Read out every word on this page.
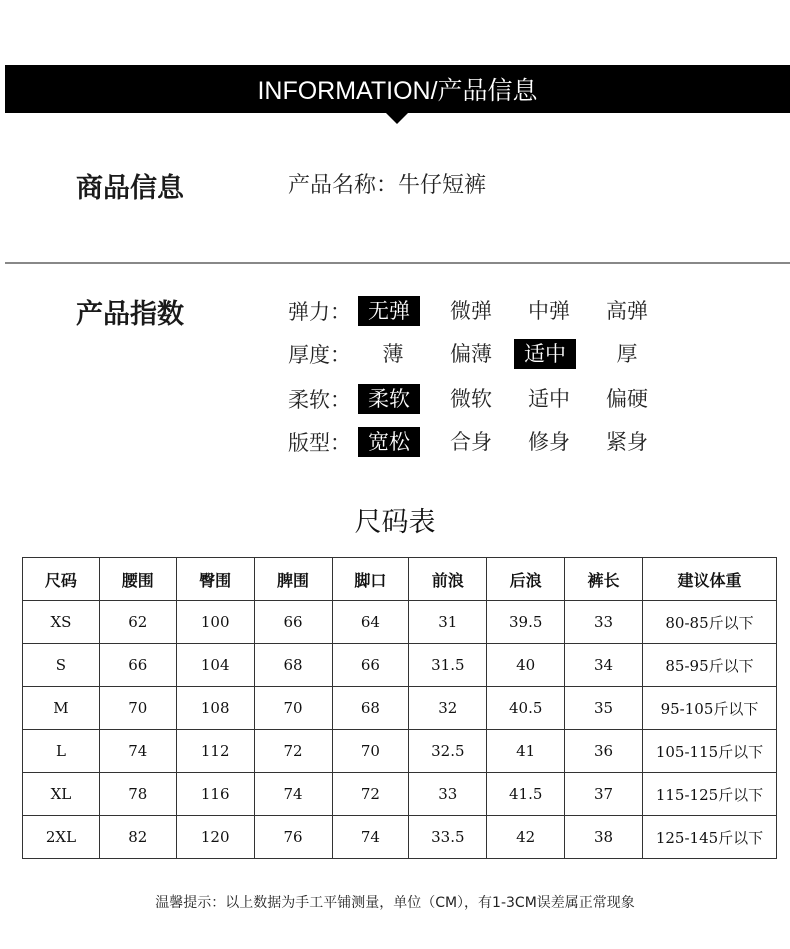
INFORMATION/产品信息
商品信息	产品名称：牛仔短裤
产品指数	弹力： 无弹	微弹	中弹	高弹
厚度：	薄	偏薄	适中	厚
柔软： 柔软	微软	适中	偏硬
版型： 宽松	合身	修身	紧身
尺码表
尺码	腰围	臀围	脾围	脚口	前浪	后浪	裤长	建议体重
XS	62	100	66	64	31	39.5	33	80-85斤以下
S	66	104	68	66	31.5	40	34	85-95斤以下
M	70	108	70	68	32	40.5	35	95-105斤以下
L	74	112	72	70	32.5	41	36	105-115斤以下
XL	78	116	74	72	33	41.5	37	115-125斤以下
2XL	82	120	76	74	33.5	42	38	125-145斤以下
温馨提示：以上数据为手工平铺测量，单位（CM），有1-3CM误差属正常现象
